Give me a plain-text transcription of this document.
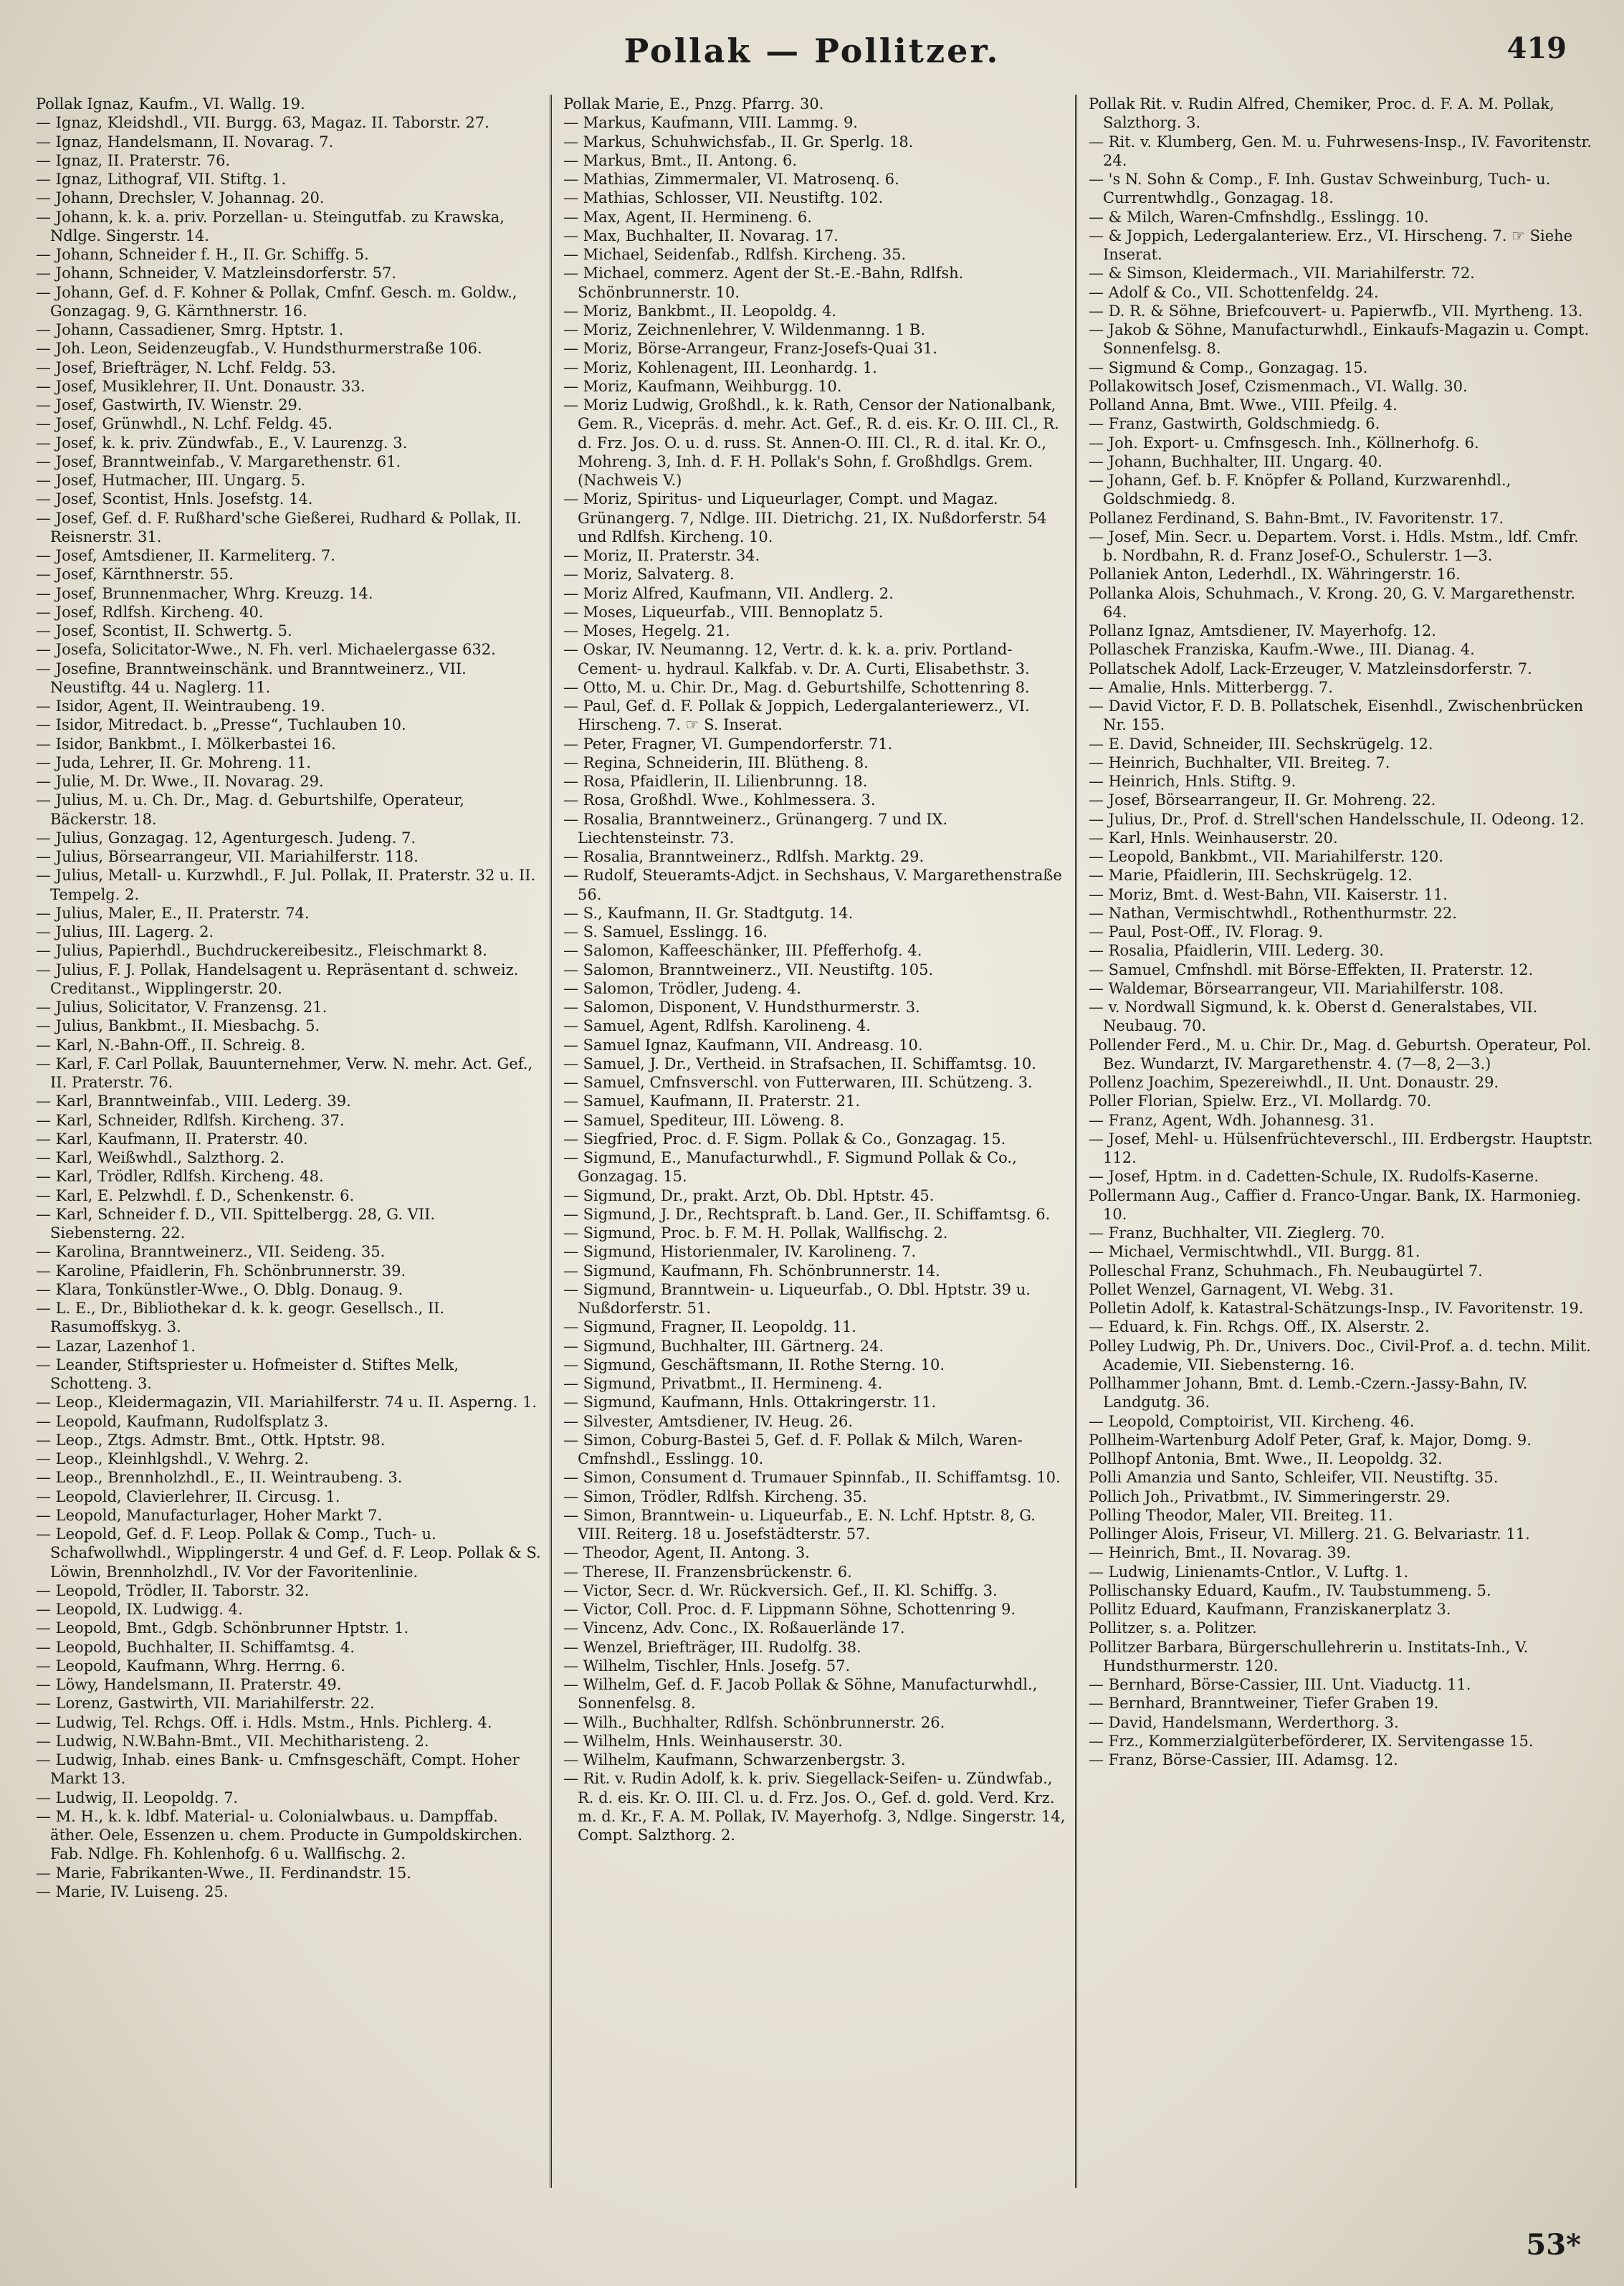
Pollak — Pollitzer.	419

Pollak Ignaz, Kaufm., VI. Wallg. 19.

— Ignaz, Kleidshdl., VII. Burgg. 63, Magaz. II. Taborstr. 27.

— Ignaz, Handelsmann, II. Novarag. 7.

— Ignaz, II. Praterstr. 76.

— Ignaz, Lithograf, VII. Stiftg. 1.

— Johann, Drechsler, V. Johannag. 20.

— Johann, k. k. a. priv. Porzellan- u. Steingutfab. zu Krawska, Ndlge. Singerstr. 14.

— Johann, Schneider f. H., II. Gr. Schiffg. 5.

— Johann, Schneider, V. Matzleinsdorferstr. 57.

— Johann, Gef. d. F. Kohner & Pollak, Cmfnf. Gesch. m. Goldw., Gonzagag. 9, G. Kärnthnerstr. 16.

— Johann, Cassadiener, Smrg. Hptstr. 1.

— Joh. Leon, Seidenzeugfab., V. Hundsthurmerstraße 106.

— Josef, Briefträger, N. Lchf. Feldg. 53.

— Josef, Musiklehrer, II. Unt. Donaustr. 33.

— Josef, Gastwirth, IV. Wienstr. 29.

— Josef, Grünwhdl., N. Lchf. Feldg. 45.

— Josef, k. k. priv. Zündwfab., E., V. Laurenzg. 3.

— Josef, Branntweinfab., V. Margarethenstr. 61.

— Josef, Hutmacher, III. Ungarg. 5.

— Josef, Scontist, Hnls. Josefstg. 14.

— Josef, Gef. d. F. Rußhard'sche Gießerei, Rudhard & Pollak, II. Reisnerstr. 31.

— Josef, Amtsdiener, II. Karmeliterg. 7.

— Josef, Kärnthnerstr. 55.

— Josef, Brunnenmacher, Whrg. Kreuzg. 14.

— Josef, Rdlfsh. Kircheng. 40.

— Josef, Scontist, II. Schwertg. 5.

— Josefa, Solicitator-Wwe., N. Fh. verl. Michaelergasse 632.

— Josefine, Branntweinschänk. und Branntweinerz., VII. Neustiftg. 44 u. Naglerg. 11.

— Isidor, Agent, II. Weintraubeng. 19.

— Isidor, Mitredact. b. „Presse“, Tuchlauben 10.

— Isidor, Bankbmt., I. Mölkerbastei 16.

— Juda, Lehrer, II. Gr. Mohreng. 11.

— Julie, M. Dr. Wwe., II. Novarag. 29.

— Julius, M. u. Ch. Dr., Mag. d. Geburtshilfe, Operateur, Bäckerstr. 18.

— Julius, Gonzagag. 12, Agenturgesch. Judeng. 7.

— Julius, Börsearrangeur, VII. Mariahilferstr. 118.

— Julius, Metall- u. Kurzwhdl., F. Jul. Pollak, II. Praterstr. 32 u. II. Tempelg. 2.

— Julius, Maler, E., II. Praterstr. 74.

— Julius, III. Lagerg. 2.

— Julius, Papierhdl., Buchdruckereibesitz., Fleischmarkt 8.

— Julius, F. J. Pollak, Handelsagent u. Repräsentant d. schweiz. Creditanst., Wipplingerstr. 20.

— Julius, Solicitator, V. Franzensg. 21.

— Julius, Bankbmt., II. Miesbachg. 5.

— Karl, N.-Bahn-Off., II. Schreig. 8.

— Karl, F. Carl Pollak, Bauunternehmer, Verw. N. mehr. Act. Gef., II. Praterstr. 76.

— Karl, Branntweinfab., VIII. Lederg. 39.

— Karl, Schneider, Rdlfsh. Kircheng. 37.

— Karl, Kaufmann, II. Praterstr. 40.

— Karl, Weißwhdl., Salzthorg. 2.

— Karl, Trödler, Rdlfsh. Kircheng. 48.

— Karl, E. Pelzwhdl. f. D., Schenkenstr. 6.

— Karl, Schneider f. D., VII. Spittelbergg. 28, G. VII. Siebensterng. 22.

— Karolina, Branntweinerz., VII. Seideng. 35.

— Karoline, Pfaidlerin, Fh. Schönbrunnerstr. 39.

— Klara, Tonkünstler-Wwe., O. Dblg. Donaug. 9.

— L. E., Dr., Bibliothekar d. k. k. geogr. Gesellsch., II. Rasumoffskyg. 3.

— Lazar, Lazenhof 1.

— Leander, Stiftspriester u. Hofmeister d. Stiftes Melk, Schotteng. 3.

— Leop., Kleidermagazin, VII. Mariahilferstr. 74 u. II. Asperng. 1.

— Leopold, Kaufmann, Rudolfsplatz 3.

— Leop., Ztgs. Admstr. Bmt., Ottk. Hptstr. 98.

— Leop., Kleinhlgshdl., V. Wehrg. 2.

— Leop., Brennholzhdl., E., II. Weintraubeng. 3.

— Leopold, Clavierlehrer, II. Circusg. 1.

— Leopold, Manufacturlager, Hoher Markt 7.

— Leopold, Gef. d. F. Leop. Pollak & Comp., Tuch- u. Schafwollwhdl., Wipplingerstr. 4 und Gef. d. F. Leop. Pollak & S. Löwin, Brennholzhdl., IV. Vor der Favoritenlinie.

— Leopold, Trödler, II. Taborstr. 32.

— Leopold, IX. Ludwigg. 4.

— Leopold, Bmt., Gdgb. Schönbrunner Hptstr. 1.

— Leopold, Buchhalter, II. Schiffamtsg. 4.

— Leopold, Kaufmann, Whrg. Herrng. 6.

— Löwy, Handelsmann, II. Praterstr. 49.

— Lorenz, Gastwirth, VII. Mariahilferstr. 22.

— Ludwig, Tel. Rchgs. Off. i. Hdls. Mstm., Hnls. Pichlerg. 4.

— Ludwig, N.W.Bahn-Bmt., VII. Mechitharisteng. 2.

— Ludwig, Inhab. eines Bank- u. Cmfnsgeschäft, Compt. Hoher Markt 13.

— Ludwig, II. Leopoldg. 7.

— M. H., k. k. ldbf. Material- u. Colonialwbaus. u. Dampffab. äther. Oele, Essenzen u. chem. Producte in Gumpoldskirchen. Fab. Ndlge. Fh. Kohlenhofg. 6 u. Wallfischg. 2.

— Marie, Fabrikanten-Wwe., II. Ferdinandstr. 15.

— Marie, IV. Luiseng. 25.

Pollak Marie, E., Pnzg. Pfarrg. 30.

— Markus, Kaufmann, VIII. Lammg. 9.

— Markus, Schuhwichsfab., II. Gr. Sperlg. 18.

— Markus, Bmt., II. Antong. 6.

— Mathias, Zimmermaler, VI. Matrosenq. 6.

— Mathias, Schlosser, VII. Neustiftg. 102.

— Max, Agent, II. Hermineng. 6.

— Max, Buchhalter, II. Novarag. 17.

— Michael, Seidenfab., Rdlfsh. Kircheng. 35.

— Michael, commerz. Agent der St.-E.-Bahn, Rdlfsh. Schönbrunnerstr. 10.

— Moriz, Bankbmt., II. Leopoldg. 4.

— Moriz, Zeichnenlehrer, V. Wildenmanng. 1 B.

— Moriz, Börse-Arrangeur, Franz-Josefs-Quai 31.

— Moriz, Kohlenagent, III. Leonhardg. 1.

— Moriz, Kaufmann, Weihburgg. 10.

— Moriz Ludwig, Großhdl., k. k. Rath, Censor der Nationalbank, Gem. R., Vicepräs. d. mehr. Act. Gef., R. d. eis. Kr. O. III. Cl., R. d. Frz. Jos. O. u. d. russ. St. Annen-O. III. Cl., R. d. ital. Kr. O., Mohreng. 3, Inh. d. F. H. Pollak's Sohn, f. Großhdlgs. Grem. (Nachweis V.)

— Moriz, Spiritus- und Liqueurlager, Compt. und Magaz. Grünangerg. 7, Ndlge. III. Dietrichg. 21, IX. Nußdorferstr. 54 und Rdlfsh. Kircheng. 10.

— Moriz, II. Praterstr. 34.

— Moriz, Salvaterg. 8.

— Moriz Alfred, Kaufmann, VII. Andlerg. 2.

— Moses, Liqueurfab., VIII. Bennoplatz 5.

— Moses, Hegelg. 21.

— Oskar, IV. Neumanng. 12, Vertr. d. k. k. a. priv. Portland-Cement- u. hydraul. Kalkfab. v. Dr. A. Curti, Elisabethstr. 3.

— Otto, M. u. Chir. Dr., Mag. d. Geburtshilfe, Schottenring 8.

— Paul, Gef. d. F. Pollak & Joppich, Ledergalanteriewerz., VI. Hirscheng. 7. ☞ S. Inserat.

— Peter, Fragner, VI. Gumpendorferstr. 71.

— Regina, Schneiderin, III. Blütheng. 8.

— Rosa, Pfaidlerin, II. Lilienbrunng. 18.

— Rosa, Großhdl. Wwe., Kohlmessera. 3.

— Rosalia, Branntweinerz., Grünangerg. 7 und IX. Liechtensteinstr. 73.

— Rosalia, Branntweinerz., Rdlfsh. Marktg. 29.

— Rudolf, Steueramts-Adjct. in Sechshaus, V. Margarethenstraße 56.

— S., Kaufmann, II. Gr. Stadtgutg. 14.

— S. Samuel, Esslingg. 16.

— Salomon, Kaffeeschänker, III. Pfefferhofg. 4.

— Salomon, Branntweinerz., VII. Neustiftg. 105.

— Salomon, Trödler, Judeng. 4.

— Salomon, Disponent, V. Hundsthurmerstr. 3.

— Samuel, Agent, Rdlfsh. Karolineng. 4.

— Samuel Ignaz, Kaufmann, VII. Andreasg. 10.

— Samuel, J. Dr., Vertheid. in Strafsachen, II. Schiffamtsg. 10.

— Samuel, Cmfnsverschl. von Futterwaren, III. Schützeng. 3.

— Samuel, Kaufmann, II. Praterstr. 21.

— Samuel, Spediteur, III. Löweng. 8.

— Siegfried, Proc. d. F. Sigm. Pollak & Co., Gonzagag. 15.

— Sigmund, E., Manufacturwhdl., F. Sigmund Pollak & Co., Gonzagag. 15.

— Sigmund, Dr., prakt. Arzt, Ob. Dbl. Hptstr. 45.

— Sigmund, J. Dr., Rechtspraft. b. Land. Ger., II. Schiffamtsg. 6.

— Sigmund, Proc. b. F. M. H. Pollak, Wallfischg. 2.

— Sigmund, Historienmaler, IV. Karolineng. 7.

— Sigmund, Kaufmann, Fh. Schönbrunnerstr. 14.

— Sigmund, Branntwein- u. Liqueurfab., O. Dbl. Hptstr. 39 u. Nußdorferstr. 51.

— Sigmund, Fragner, II. Leopoldg. 11.

— Sigmund, Buchhalter, III. Gärtnerg. 24.

— Sigmund, Geschäftsmann, II. Rothe Sterng. 10.

— Sigmund, Privatbmt., II. Hermineng. 4.

— Sigmund, Kaufmann, Hnls. Ottakringerstr. 11.

— Silvester, Amtsdiener, IV. Heug. 26.

— Simon, Coburg-Bastei 5, Gef. d. F. Pollak & Milch, Waren-Cmfnshdl., Esslingg. 10.

— Simon, Consument d. Trumauer Spinnfab., II. Schiffamtsg. 10.

— Simon, Trödler, Rdlfsh. Kircheng. 35.

— Simon, Branntwein- u. Liqueurfab., E. N. Lchf. Hptstr. 8, G. VIII. Reiterg. 18 u. Josefstädterstr. 57.

— Theodor, Agent, II. Antong. 3.

— Therese, II. Franzensbrückenstr. 6.

— Victor, Secr. d. Wr. Rückversich. Gef., II. Kl. Schiffg. 3.

— Victor, Coll. Proc. d. F. Lippmann Söhne, Schottenring 9.

— Vincenz, Adv. Conc., IX. Roßauerlände 17.

— Wenzel, Briefträger, III. Rudolfg. 38.

— Wilhelm, Tischler, Hnls. Josefg. 57.

— Wilhelm, Gef. d. F. Jacob Pollak & Söhne, Manufacturwhdl., Sonnenfelsg. 8.

— Wilh., Buchhalter, Rdlfsh. Schönbrunnerstr. 26.

— Wilhelm, Hnls. Weinhauserstr. 30.

— Wilhelm, Kaufmann, Schwarzenbergstr. 3.

— Rit. v. Rudin Adolf, k. k. priv. Siegellack-Seifen- u. Zündwfab., R. d. eis. Kr. O. III. Cl. u. d. Frz. Jos. O., Gef. d. gold. Verd. Krz. m. d. Kr., F. A. M. Pollak, IV. Mayerhofg. 3, Ndlge. Singerstr. 14, Compt. Salzthorg. 2.

Pollak Rit. v. Rudin Alfred, Chemiker, Proc. d. F. A. M. Pollak, Salzthorg. 3.

— Rit. v. Klumberg, Gen. M. u. Fuhrwesens-Insp., IV. Favoritenstr. 24.

— 's N. Sohn & Comp., F. Inh. Gustav Schweinburg, Tuch- u. Currentwhdlg., Gonzagag. 18.

— & Milch, Waren-Cmfnshdlg., Esslingg. 10.

— & Joppich, Ledergalanteriew. Erz., VI. Hirscheng. 7. ☞ Siehe Inserat.

— & Simson, Kleidermach., VII. Mariahilferstr. 72.

— Adolf & Co., VII. Schottenfeldg. 24.

— D. R. & Söhne, Briefcouvert- u. Papierwfb., VII. Myrtheng. 13.

— Jakob & Söhne, Manufacturwhdl., Einkaufs-Magazin u. Compt. Sonnenfelsg. 8.

— Sigmund & Comp., Gonzagag. 15.

Pollakowitsch Josef, Czismenmach., VI. Wallg. 30.

Polland Anna, Bmt. Wwe., VIII. Pfeilg. 4.

— Franz, Gastwirth, Goldschmiedg. 6.

— Joh. Export- u. Cmfnsgesch. Inh., Köllnerhofg. 6.

— Johann, Buchhalter, III. Ungarg. 40.

— Johann, Gef. b. F. Knöpfer & Polland, Kurzwarenhdl., Goldschmiedg. 8.

Pollanez Ferdinand, S. Bahn-Bmt., IV. Favoritenstr. 17.

— Josef, Min. Secr. u. Departem. Vorst. i. Hdls. Mstm., ldf. Cmfr. b. Nordbahn, R. d. Franz Josef-O., Schulerstr. 1—3.

Pollaniek Anton, Lederhdl., IX. Währingerstr. 16.

Pollanka Alois, Schuhmach., V. Krong. 20, G. V. Margarethenstr. 64.

Pollanz Ignaz, Amtsdiener, IV. Mayerhofg. 12.

Pollaschek Franziska, Kaufm.-Wwe., III. Dianag. 4.

Pollatschek Adolf, Lack-Erzeuger, V. Matzleinsdorferstr. 7.

— Amalie, Hnls. Mitterbergg. 7.

— David Victor, F. D. B. Pollatschek, Eisenhdl., Zwischenbrücken Nr. 155.

— E. David, Schneider, III. Sechskrügelg. 12.

— Heinrich, Buchhalter, VII. Breiteg. 7.

— Heinrich, Hnls. Stiftg. 9.

— Josef, Börsearrangeur, II. Gr. Mohreng. 22.

— Julius, Dr., Prof. d. Strell'schen Handelsschule, II. Odeong. 12.

— Karl, Hnls. Weinhauserstr. 20.

— Leopold, Bankbmt., VII. Mariahilferstr. 120.

— Marie, Pfaidlerin, III. Sechskrügelg. 12.

— Moriz, Bmt. d. West-Bahn, VII. Kaiserstr. 11.

— Nathan, Vermischtwhdl., Rothenthurmstr. 22.

— Paul, Post-Off., IV. Florag. 9.

— Rosalia, Pfaidlerin, VIII. Lederg. 30.

— Samuel, Cmfnshdl. mit Börse-Effekten, II. Praterstr. 12.

— Waldemar, Börsearrangeur, VII. Mariahilferstr. 108.

— v. Nordwall Sigmund, k. k. Oberst d. Generalstabes, VII. Neubaug. 70.

Pollender Ferd., M. u. Chir. Dr., Mag. d. Geburtsh. Operateur, Pol. Bez. Wundarzt, IV. Margarethenstr. 4. (7—8, 2—3.)

Pollenz Joachim, Spezereiwhdl., II. Unt. Donaustr. 29.

Poller Florian, Spielw. Erz., VI. Mollardg. 70.

— Franz, Agent, Wdh. Johannesg. 31.

— Josef, Mehl- u. Hülsenfrüchteverschl., III. Erdbergstr. Hauptstr. 112.

— Josef, Hptm. in d. Cadetten-Schule, IX. Rudolfs-Kaserne.

Pollermann Aug., Caffier d. Franco-Ungar. Bank, IX. Harmonieg. 10.

— Franz, Buchhalter, VII. Zieglerg. 70.

— Michael, Vermischtwhdl., VII. Burgg. 81.

Polleschal Franz, Schuhmach., Fh. Neubaugürtel 7.

Pollet Wenzel, Garnagent, VI. Webg. 31.

Polletin Adolf, k. Katastral-Schätzungs-Insp., IV. Favoritenstr. 19.

— Eduard, k. Fin. Rchgs. Off., IX. Alserstr. 2.

Polley Ludwig, Ph. Dr., Univers. Doc., Civil-Prof. a. d. techn. Milit. Academie, VII. Siebensterng. 16.

Pollhammer Johann, Bmt. d. Lemb.-Czern.-Jassy-Bahn, IV. Landgutg. 36.

— Leopold, Comptoirist, VII. Kircheng. 46.

Pollheim-Wartenburg Adolf Peter, Graf, k. Major, Domg. 9.

Pollhopf Antonia, Bmt. Wwe., II. Leopoldg. 32.

Polli Amanzia und Santo, Schleifer, VII. Neustiftg. 35.

Pollich Joh., Privatbmt., IV. Simmeringerstr. 29.

Polling Theodor, Maler, VII. Breiteg. 11.

Pollinger Alois, Friseur, VI. Millerg. 21. G. Belvariastr. 11.

— Heinrich, Bmt., II. Novarag. 39.

— Ludwig, Linienamts-Cntlor., V. Luftg. 1.

Pollischansky Eduard, Kaufm., IV. Taubstummeng. 5.

Pollitz Eduard, Kaufmann, Franziskanerplatz 3.

Pollitzer, s. a. Politzer.

Pollitzer Barbara, Bürgerschullehrerin u. Institats-Inh., V. Hundsthurmerstr. 120.

— Bernhard, Börse-Cassier, III. Unt. Viaductg. 11.

— Bernhard, Branntweiner, Tiefer Graben 19.

— David, Handelsmann, Werderthorg. 3.

— Frz., Kommerzialgüterbeförderer, IX. Servitengasse 15.

— Franz, Börse-Cassier, III. Adamsg. 12.

53*
